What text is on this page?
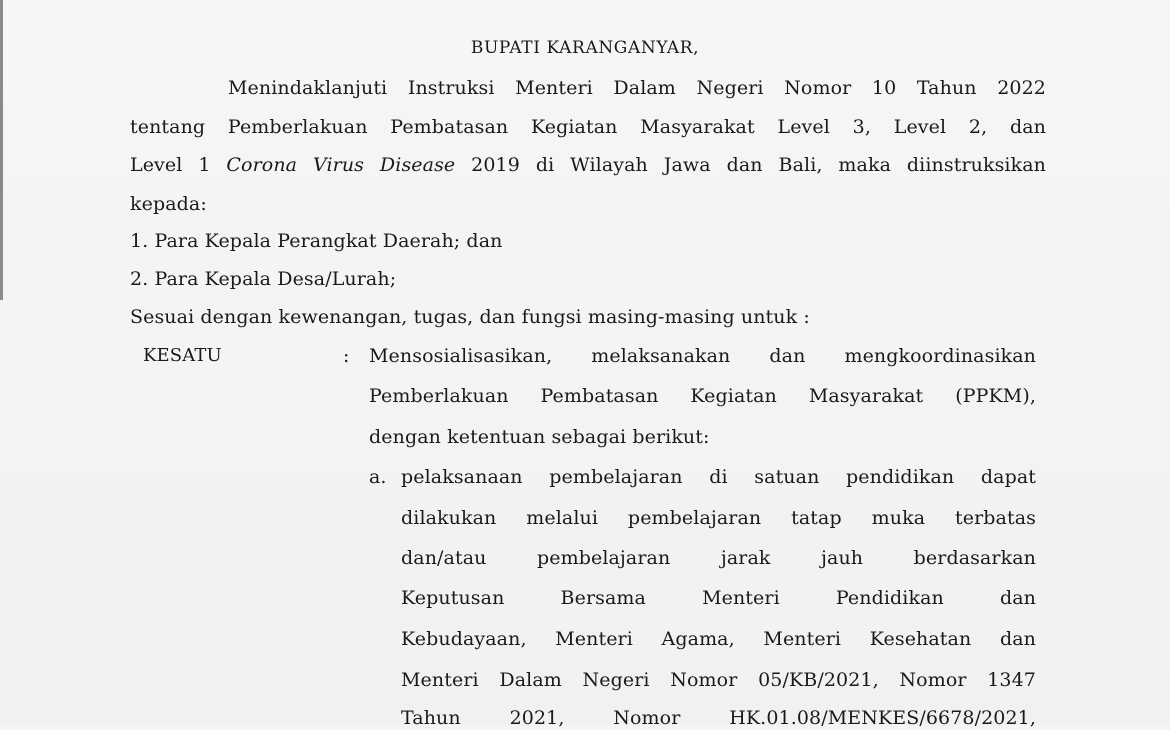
BUPATI KARANGANYAR,
Menindaklanjuti Instruksi Menteri Dalam Negeri Nomor 10 Tahun 2022
tentang Pemberlakuan Pembatasan Kegiatan Masyarakat Level 3, Level 2, dan
Level 1 Corona Virus Disease 2019 di Wilayah Jawa dan Bali, maka diinstruksikan
kepada:
1. Para Kepala Perangkat Daerah; dan
2. Para Kepala Desa/Lurah;
Sesuai dengan kewenangan, tugas, dan fungsi masing-masing untuk :
KESATU	: Mensosialisasikan, melaksanakan dan mengkoordinasikan
Pemberlakuan Pembatasan Kegiatan Masyarakat (PPKM),
dengan ketentuan sebagai berikut:
a. pelaksanaan pembelajaran di satuan pendidikan dapat
dilakukan melalui pembelajaran tatap muka terbatas
dan/atau pembelajaran jarak jauh berdasarkan
Keputusan Bersama Menteri Pendidikan dan
Kebudayaan, Menteri Agama, Menteri Kesehatan dan
Menteri Dalam Negeri Nomor 05/KB/2021, Nomor 1347
Tahun 2021, Nomor HK.01.08/MENKES/6678/2021,
